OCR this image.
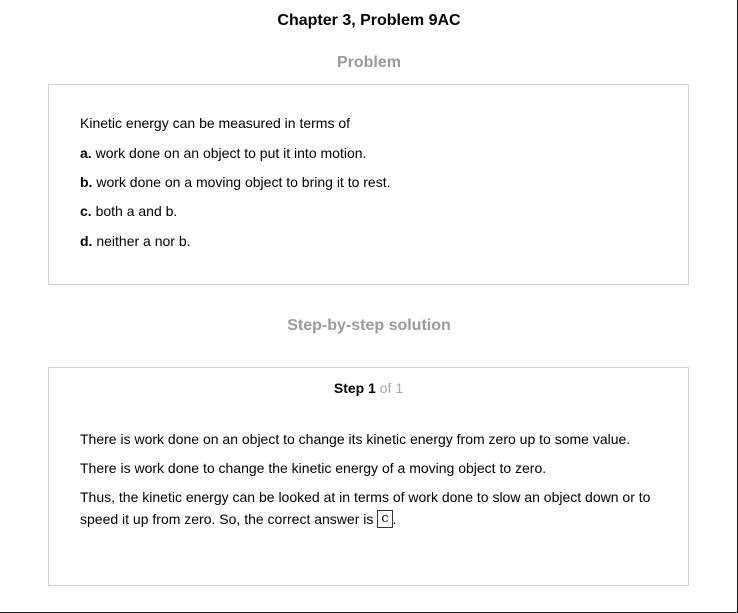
Chapter 3, Problem 9AC
Problem
Kinetic energy can be measured in terms of
a. work done on an object to put it into motion.
b. work done on a moving object to bring it to rest.
c. both a and b.
d. neither a nor b.
Step-by-step solution
Step 1 of 1
There is work done on an object to change its kinetic energy from zero up to some value.
There is work done to change the kinetic energy of a moving object to zero.
Thus, the kinetic energy can be looked at in terms of work done to slow an object down or to speed it up from zero. So, the correct answer is c .
